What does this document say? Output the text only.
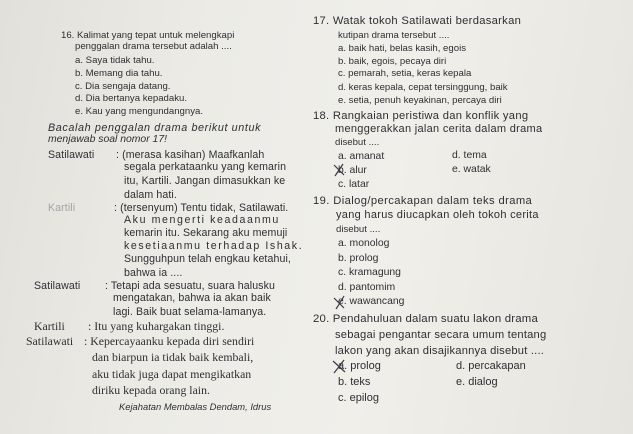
16. Kalimat yang tepat untuk melengkapi
penggalan drama tersebut adalah ....
a. Saya tidak tahu.
b. Memang dia tahu.
c. Dia sengaja datang.
d. Dia bertanya kepadaku.
e. Kau yang mengundangnya.
Bacalah penggalan drama berikut untuk
menjawab soal nomor 17!
Satilawati : (merasa kasihan) Maafkanlah
segala perkataanku yang kemarin
itu, Kartili. Jangan dimasukkan ke
dalam hati.
Kartili	: (tersenyum) Tentu tidak, Satilawati.
Aku mengerti keadaanmu
kemarin itu. Sekarang aku memuji
kesetiaanmu terhadap Ishak.
Sungguhpun telah engkau ketahui,
bahwa ia ....
Satilawati : Tetapi ada sesuatu, suara halusku
mengatakan, bahwa ia akan baik
lagi. Baik buat selama-lamanya.
Kartili : Itu yang kuhargakan tinggi.
Satilawati : Kepercayaanku kepada diri sendiri
dan biarpun ia tidak baik kembali,
aku tidak juga dapat mengikatkan
diriku kepada orang lain.
Kejahatan Membalas Dendam, Idrus
17. Watak tokoh Satilawati berdasarkan
kutipan drama tersebut ....
a. baik hati, belas kasih, egois
b. baik, egois, pecaya diri
c. pemarah, setia, keras kepala
d. keras kepala, cepat tersinggung, baik
e. setia, penuh keyakinan, percaya diri
18. Rangkaian peristiwa dan konflik yang
menggerakkan jalan cerita dalam drama
disebut ....
a. amanat	d. tema
b. alur	e. watak
c. latar
19. Dialog/percakapan dalam teks drama
yang harus diucapkan oleh tokoh cerita
disebut ....
a. monolog
b. prolog
c. kramagung
d. pantomim
e. wawancang
20. Pendahuluan dalam suatu lakon drama
sebagai pengantar secara umum tentang
lakon yang akan disajikannya disebut ....
a. prolog	d. percakapan
b. teks	e. dialog
c. epilog
